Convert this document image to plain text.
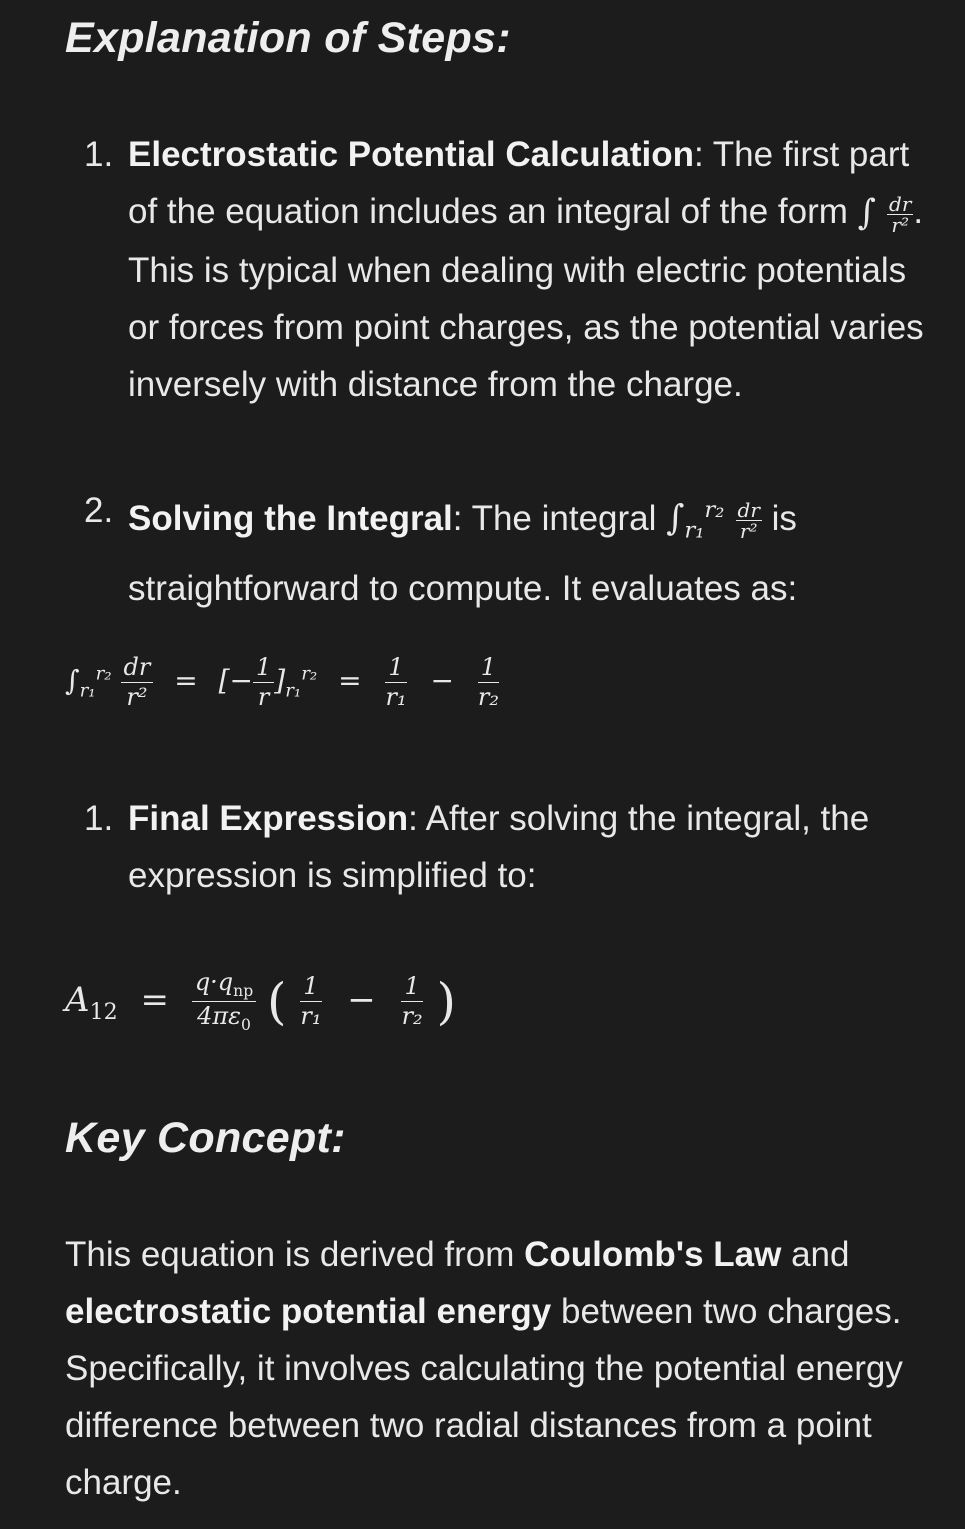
Explanation of Steps:
1. Electrostatic Potential Calculation: The first part of the equation includes an integral of the form ∫ $\frac{dr}{\text{r²}}$ . This is typical when dealing with electric potentials or forces from point charges, as the potential varies inversely with distance from the charge.
2. Solving the Integral: The integral $\int_{r_1}^{r_2} \frac{dr}{\text{r²}}$ is straightforward to compute. It evaluates as:
$\int_{r_1}^{r_2} \frac{dr}{\text{r²}}$ = [− $\frac{1}{r} ]_{r_1}^{r_2} = \frac{1}{\text{r₁}} - \frac{1}{\text{r₂}}$
1. Final Expression: After solving the integral, the expression is simplified to:
$A_{12} = q\cdot q_{np}$
$4\pi\varepsilon_0$ ( $\frac{1}{\text{r₁}} - \frac{1}{\text{r₂}}$ )
Key Concept:
This equation is derived from Coulomb's Law and electrostatic potential energy between two charges. Specifically, it involves calculating the potential energy difference between two radial distances from a point charge.
